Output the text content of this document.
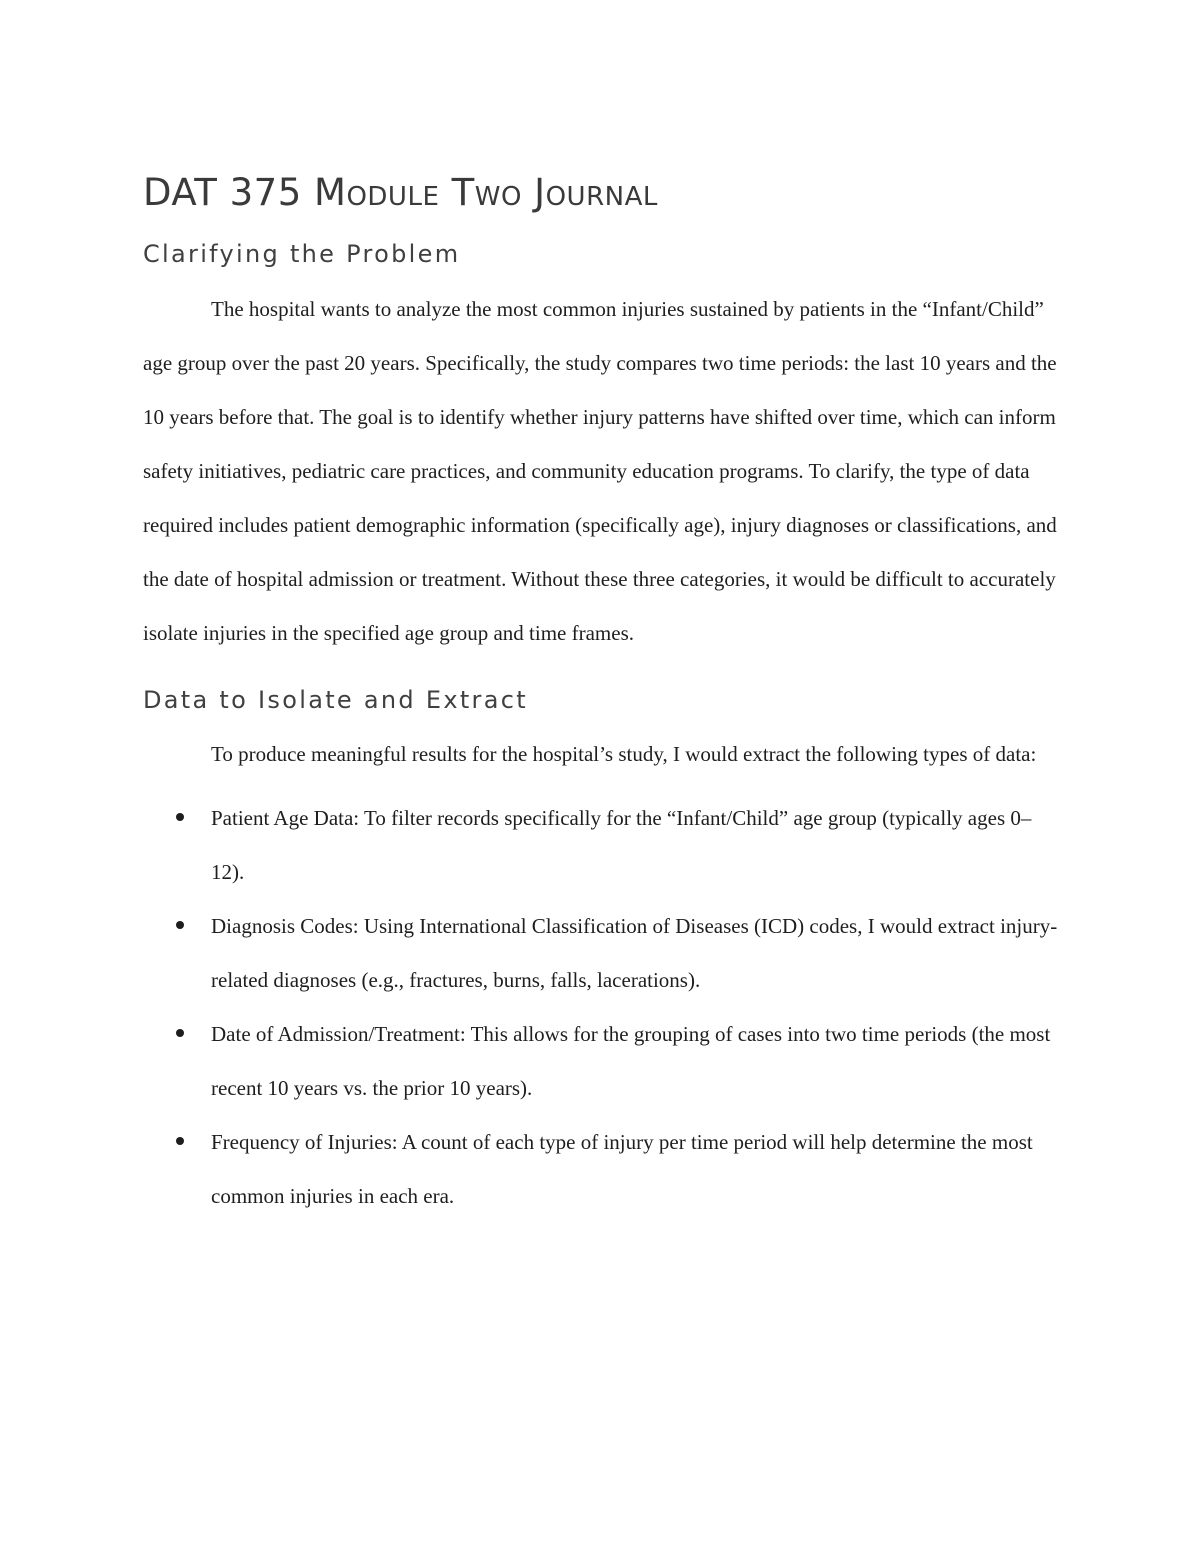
DAT 375 Module Two Journal
Clarifying the Problem

The hospital wants to analyze the most common injuries sustained by patients in the “Infant/Child” age group over the past 20 years. Specifically, the study compares two time periods: the last 10 years and the 10 years before that. The goal is to identify whether injury patterns have shifted over time, which can inform safety initiatives, pediatric care practices, and community education programs. To clarify, the type of data required includes patient demographic information (specifically age), injury diagnoses or classifications, and the date of hospital admission or treatment. Without these three categories, it would be difficult to accurately isolate injuries in the specified age group and time frames.

Data to Isolate and Extract

To produce meaningful results for the hospital’s study, I would extract the following types of data:

Patient Age Data: To filter records specifically for the “Infant/Child” age group (typically ages 0–12).
Diagnosis Codes: Using International Classification of Diseases (ICD) codes, I would extract injury-related diagnoses (e.g., fractures, burns, falls, lacerations).
Date of Admission/Treatment: This allows for the grouping of cases into two time periods (the most recent 10 years vs. the prior 10 years).
Frequency of Injuries: A count of each type of injury per time period will help determine the most common injuries in each era.
